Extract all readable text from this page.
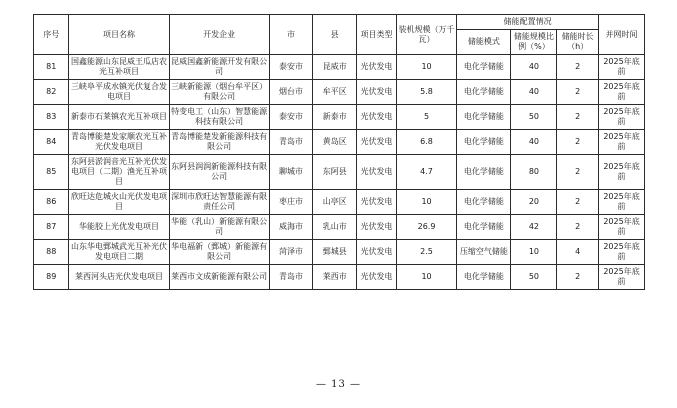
序号	项目名称	开发企业	市	县	项目类型	装机规模（万千瓦）	储能配置情况			并网时间
							储能模式	储能规模比例（%）	储能时长（h）	
81	国鑫能源山东昆威王瓜店农光互补项目	昆威国鑫新能源开发有限公司	泰安市	昆威市	光伏发电	10	电化学储能	40	2	2025年底前
82	三峡阜平成水镇光伏复合发电项目	三峡新能源（烟台牟平区）有限公司	烟台市	牟平区	光伏发电	5.8	电化学储能	40	2	2025年底前
83	新泰市石莱镇农光互补项目	特变电工（山东）智慧能源科技有限公司	泰安市	新泰市	光伏发电	5	电化学储能	50	2	2025年底前
84	青岛博能楚发家顺农光互补光伏发电项目	青岛博能楚发新能源科技有限公司	青岛市	黄岛区	光伏发电	6.8	电化学储能	40	2	2025年底前
85	东阿县淤润音光互补光伏发电项目（二期）渔光互补项目	东阿县润润新能源科技有限公司	聊城市	东阿县	光伏发电	4.7	电化学储能	80	2	2025年底前
86	欣旺达危城火山光伏发电项目	深圳市欣旺达智慧能源有限责任公司	枣庄市	山亭区	光伏发电	10	电化学储能	20	2	2025年底前
87	华能胶上光优发电项目	华能（乳山）新能源有限公司	威海市	乳山市	光伏发电	26.9	电化学储能	42	2	2025年底前
88	山东华电鄄城武光互补光伏发电项目二期	华电福新（鄄城）新能源有限公司	菏泽市	鄄城县	光伏发电	2.5	压缩空气储能	10	4	2025年底前
89	莱西河头店光伏发电项目	莱西市文成新能源有限公司	青岛市	莱西市	光伏发电	10	电化学储能	50	2	2025年底前
— 13 —
